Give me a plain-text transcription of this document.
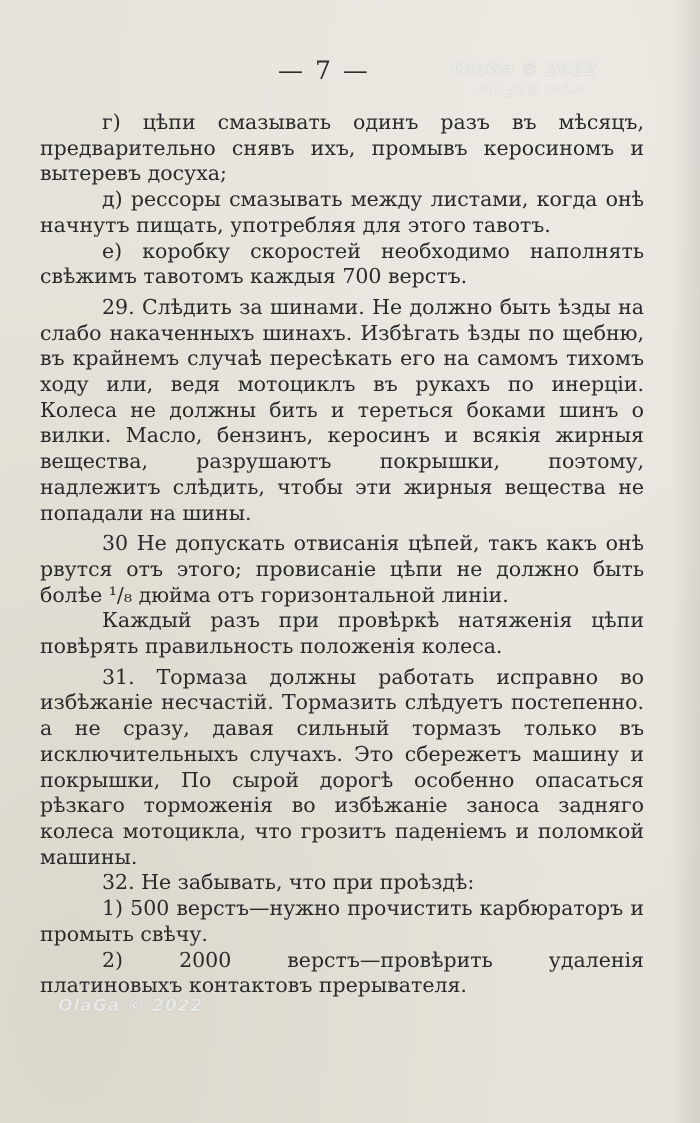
— 7 —	OlaGa © 2022
piter_vo @ mail.ru

г) цѣпи смазывать одинъ разъ въ мѣсяцъ, предварительно снявъ ихъ, промывъ керосиномъ и вытеревъ досуха;

д) рессоры смазывать между листами, когда онѣ начнутъ пищать, употребляя для этого тавотъ.

е) коробку скоростей необходимо наполнять свѣжимъ тавотомъ каждыя 700 верстъ.

29. Слѣдить за шинами. Не должно быть ѣзды на слабо накаченныхъ шинахъ. Избѣгать ѣзды по щебню, въ крайнемъ случаѣ пересѣкать его на самомъ тихомъ ходу или, ведя мотоциклъ въ рукахъ по инерціи. Колеса не должны бить и тереться боками шинъ о вилки. Масло, бензинъ, керосинъ и всякія жирныя вещества, разрушаютъ покрышки, поэтому, надлежитъ слѣдить, чтобы эти жирныя вещества не попадали на шины.

30 Не допускать отвисанія цѣпей, такъ какъ онѣ рвутся отъ этого; провисаніе цѣпи не должно быть болѣе ¹/₈ дюйма отъ горизонтальной линіи.

Каждый разъ при провѣркѣ натяженія цѣпи повѣрять правильность положенія колеса.

31. Тормаза должны работать исправно во избѣжаніе несчастій. Тормазить слѣдуетъ постепенно. а не сразу, давая сильный тормазъ только въ исключительныхъ случахъ. Это сбережетъ машину и покрышки, По сырой дорогѣ особенно опасаться рѣзкаго торможенія во избѣжаніе заноса задняго колеса мотоцикла, что грозитъ паденіемъ и поломкой машины.

32. Не забывать, что при проѣздѣ:

1) 500 верстъ—нужно прочистить карбюраторъ и промыть свѣчу.

2) 2000 верстъ—провѣрить удаленія платиновыхъ контактовъ прерывателя.

OlaGa © 2022
